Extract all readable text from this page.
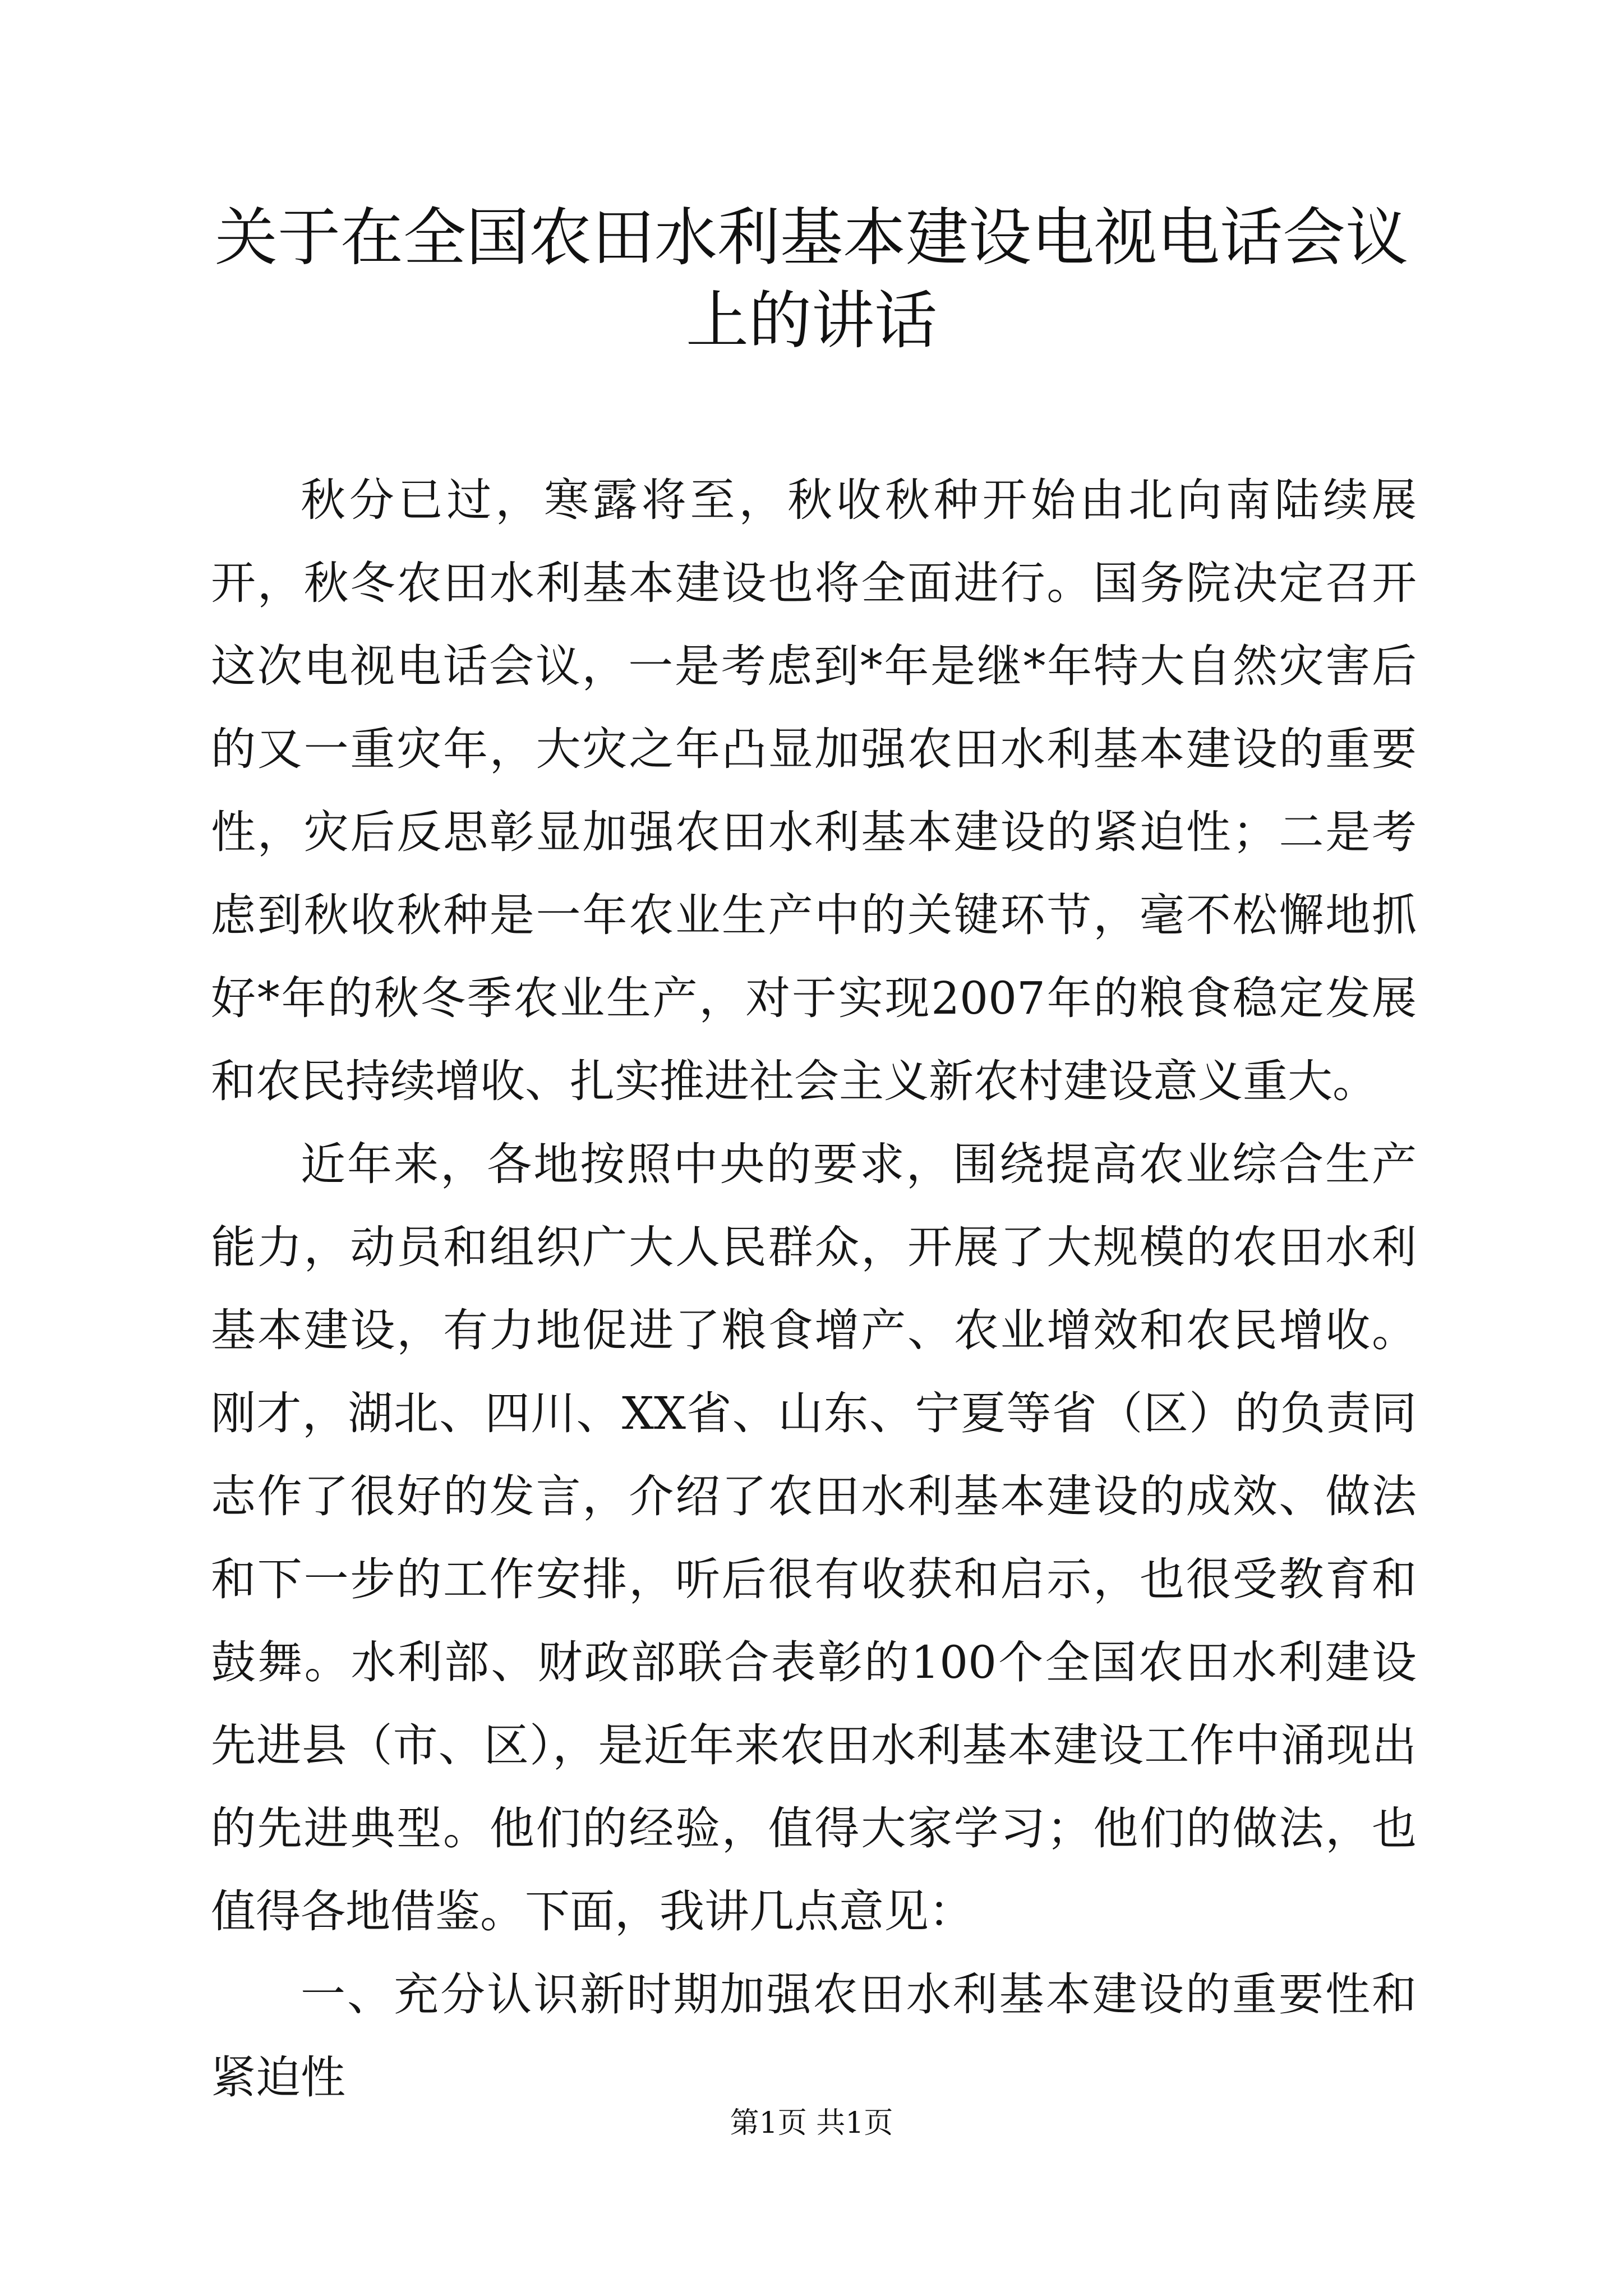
关于在全国农田水利基本建设电视电话会议上的讲话

秋分已过，寒露将至，秋收秋种开始由北向南陆续展开，秋冬农田水利基本建设也将全面进行。国务院决定召开这次电视电话会议，一是考虑到*年是继*年特大自然灾害后的又一重灾年，大灾之年凸显加强农田水利基本建设的重要性，灾后反思彰显加强农田水利基本建设的紧迫性；二是考虑到秋收秋种是一年农业生产中的关键环节，毫不松懈地抓好*年的秋冬季农业生产，对于实现2007年的粮食稳定发展和农民持续增收、扎实推进社会主义新农村建设意义重大。

近年来，各地按照中央的要求，围绕提高农业综合生产能力，动员和组织广大人民群众，开展了大规模的农田水利基本建设，有力地促进了粮食增产、农业增效和农民增收。刚才，湖北、四川、XX省、山东、宁夏等省（区）的负责同志作了很好的发言，介绍了农田水利基本建设的成效、做法和下一步的工作安排，听后很有收获和启示，也很受教育和鼓舞。水利部、财政部联合表彰的100个全国农田水利建设先进县（市、区），是近年来农田水利基本建设工作中涌现出的先进典型。他们的经验，值得大家学习；他们的做法，也值得各地借鉴。下面，我讲几点意见：

一、充分认识新时期加强农田水利基本建设的重要性和紧迫性

第1页 共1页
